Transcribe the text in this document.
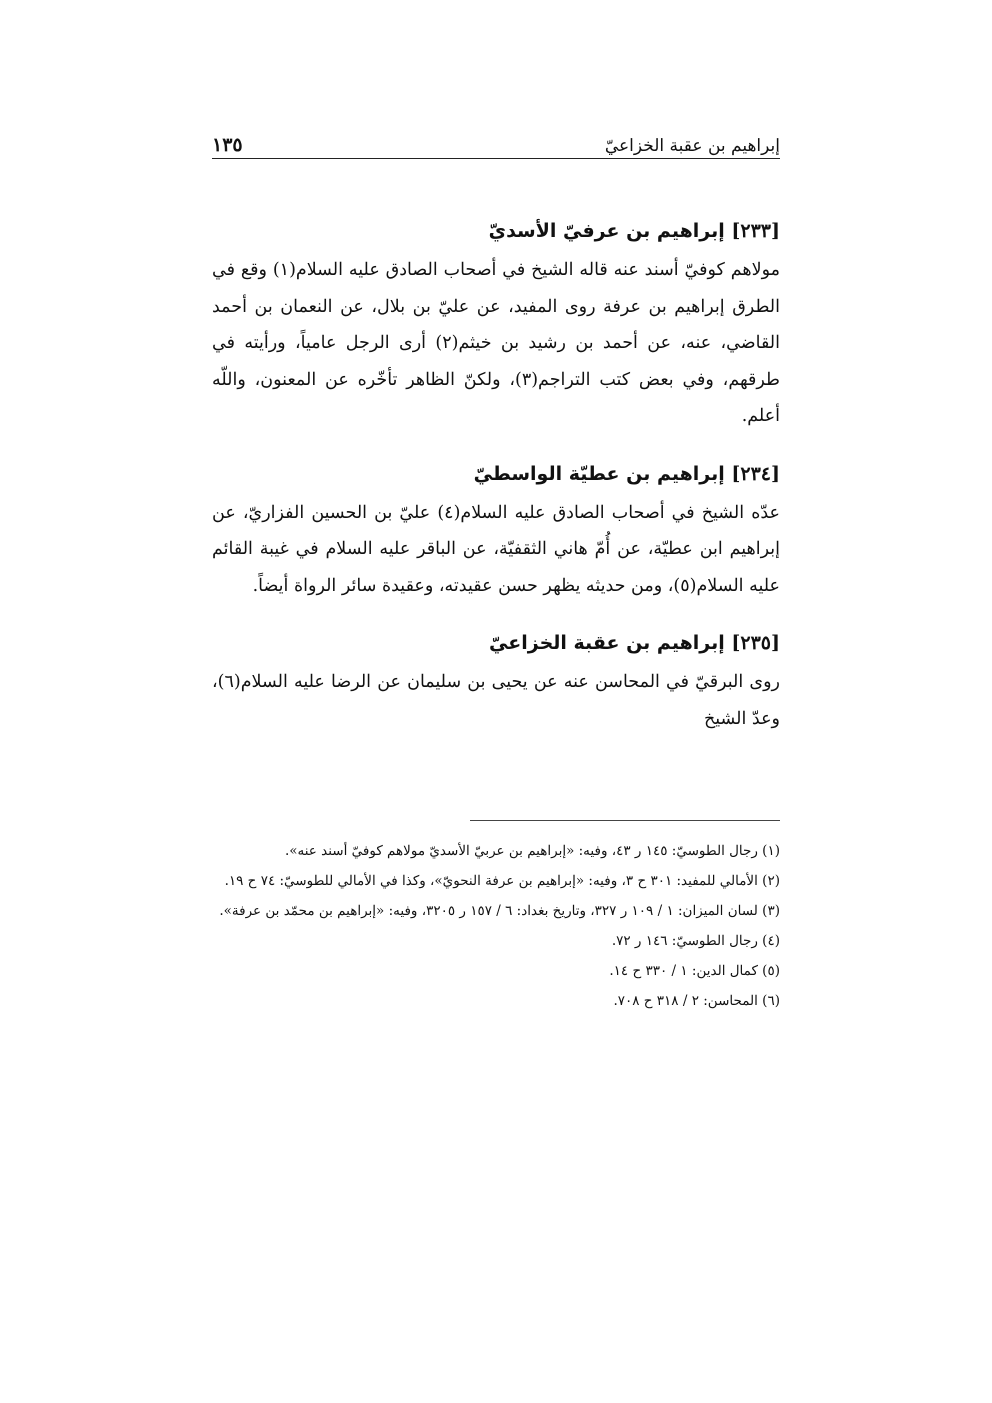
١٣٥	إبراهيم بن عقبة الخزاعيّ
[٢٣٣] إبراهيم بن عرفيّ الأسديّ

مولاهم كوفيّ أسند عنه قاله الشيخ في أصحاب الصادق عليه السلام(١) وقع في الطرق إبراهيم بن عرفة روى المفيد، عن عليّ بن بلال، عن النعمان بن أحمد القاضي، عنه، عن أحمد بن رشيد بن خيثم(٢) أرى الرجل عامياً، ورأيته في طرقهم، وفي بعض كتب التراجم(٣)، ولكنّ الظاهر تأخّره عن المعنون، واللّه أعلم.

[٢٣٤] إبراهيم بن عطيّة الواسطيّ

عدّه الشيخ في أصحاب الصادق عليه السلام(٤) عليّ بن الحسين الفزاريّ، عن إبراهيم ابن عطيّة، عن أُمّ هاني الثقفيّة، عن الباقر عليه السلام في غيبة القائم عليه السلام(٥)، ومن حديثه يظهر حسن عقيدته، وعقيدة سائر الرواة أيضاً.

[٢٣٥] إبراهيم بن عقبة الخزاعيّ

روى البرقيّ في المحاسن عنه عن يحيى بن سليمان عن الرضا عليه السلام(٦)، وعدّ الشيخ

(١) رجال الطوسيّ: ١٤٥ ر ٤٣، وفيه: «إبراهيم بن عربيّ الأسديّ مولاهم كوفيّ أسند عنه».
(٢) الأمالي للمفيد: ٣٠١ ح ٣، وفيه: «إبراهيم بن عرفة النحويّ»، وكذا في الأمالي للطوسيّ: ٧٤ ح ١٩.
(٣) لسان الميزان: ١ / ١٠٩ ر ٣٢٧، وتاريخ بغداد: ٦ / ١٥٧ ر ٣٢٠٥، وفيه: «إبراهيم بن محمّد بن عرفة».
(٤) رجال الطوسيّ: ١٤٦ ر ٧٢.
(٥) كمال الدين: ١ / ٣٣٠ ح ١٤.
(٦) المحاسن: ٢ / ٣١٨ ح ٧٠٨.
